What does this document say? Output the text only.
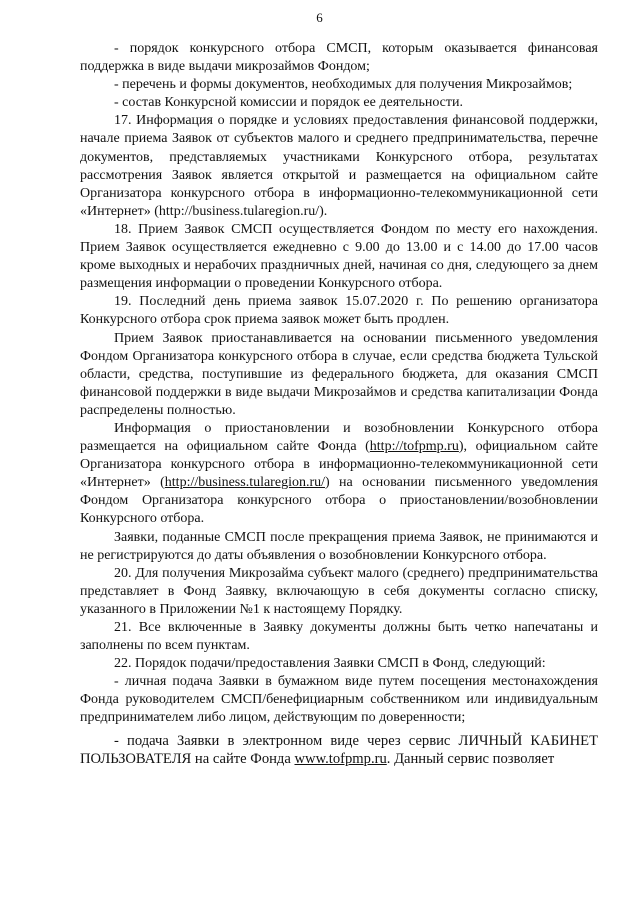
6

- порядок конкурсного отбора СМСП, которым оказывается финансовая поддержка в виде выдачи микрозаймов Фондом;

- перечень и формы документов, необходимых для получения Микрозаймов;

- состав Конкурсной комиссии и порядок ее деятельности.

17. Информация о порядке и условиях предоставления финансовой поддержки, начале приема Заявок от субъектов малого и среднего предпринимательства, перечне документов, представляемых участниками Конкурсного отбора, результатах рассмотрения Заявок является открытой и размещается на официальном сайте Организатора конкурсного отбора в информационно-телекоммуникационной сети «Интернет» (http://business.tularegion.ru/).

18. Прием Заявок СМСП осуществляется Фондом по месту его нахождения. Прием Заявок осуществляется ежедневно с 9.00 до 13.00 и с 14.00 до 17.00 часов кроме выходных и нерабочих праздничных дней, начиная со дня, следующего за днем размещения информации о проведении Конкурсного отбора.

19. Последний день приема заявок 15.07.2020 г. По решению организатора Конкурсного отбора срок приема заявок может быть продлен.

Прием Заявок приостанавливается на основании письменного уведомления Фондом Организатора конкурсного отбора в случае, если средства бюджета Тульской области, средства, поступившие из федерального бюджета, для оказания СМСП финансовой поддержки в виде выдачи Микрозаймов и средства капитализации Фонда распределены полностью.

Информация о приостановлении и возобновлении Конкурсного отбора размещается на официальном сайте Фонда (http://tofpmp.ru), официальном сайте Организатора конкурсного отбора в информационно-телекоммуникационной сети «Интернет» (http://business.tularegion.ru/) на основании письменного уведомления Фондом Организатора конкурсного отбора о приостановлении/возобновлении Конкурсного отбора.

Заявки, поданные СМСП после прекращения приема Заявок, не принимаются и не регистрируются до даты объявления о возобновлении Конкурсного отбора.

20. Для получения Микрозайма субъект малого (среднего) предпринимательства представляет в Фонд Заявку, включающую в себя документы согласно списку, указанного в Приложении №1 к настоящему Порядку.

21. Все включенные в Заявку документы должны быть четко напечатаны и заполнены по всем пунктам.

22. Порядок подачи/предоставления Заявки СМСП в Фонд, следующий:

- личная подача Заявки в бумажном виде путем посещения местонахождения Фонда руководителем СМСП/бенефициарным собственником или индивидуальным предпринимателем либо лицом, действующим по доверенности;

- подача Заявки в электронном виде через сервис ЛИЧНЫЙ КАБИНЕТ ПОЛЬЗОВАТЕЛЯ на сайте Фонда www.tofpmp.ru. Данный сервис позволяет
